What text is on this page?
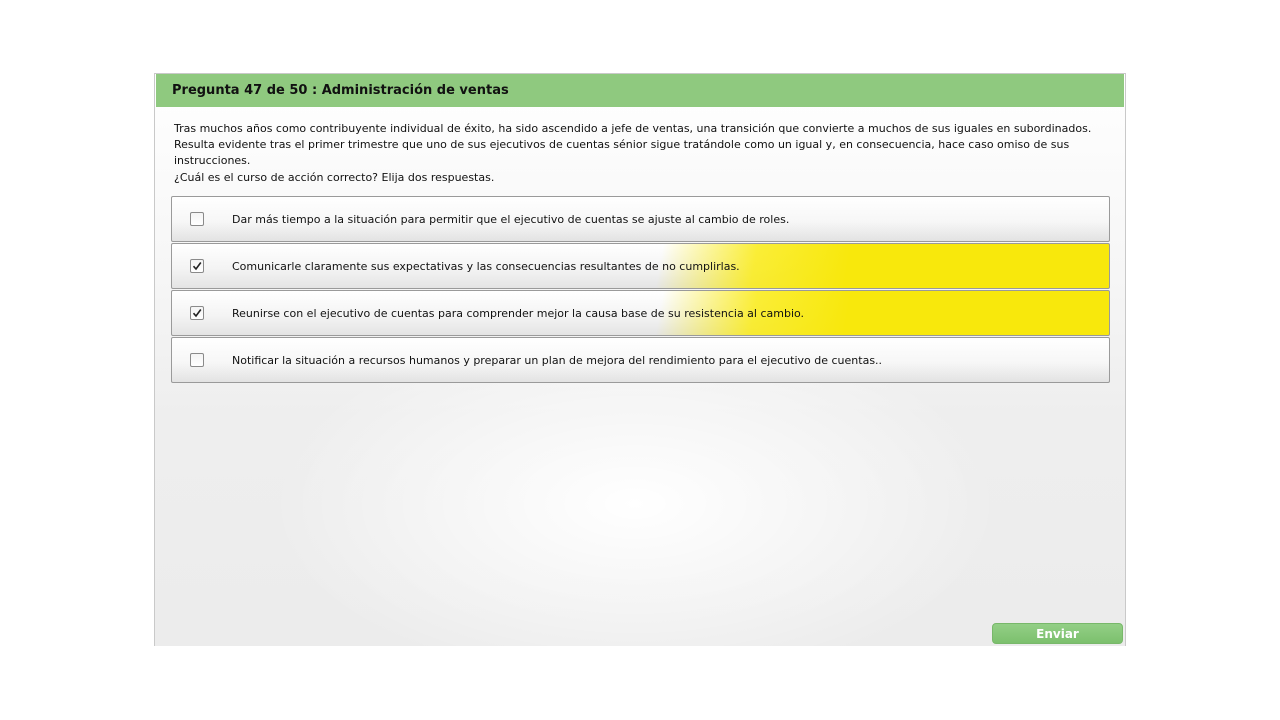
Pregunta 47 de 50 : Administración de ventas
Tras muchos años como contribuyente individual de éxito, ha sido ascendido a jefe de ventas, una transición que convierte a muchos de sus iguales en subordinados. Resulta evidente tras el primer trimestre que uno de sus ejecutivos de cuentas sénior sigue tratándole como un igual y, en consecuencia, hace caso omiso de sus instrucciones.
¿Cuál es el curso de acción correcto? Elija dos respuestas.
Dar más tiempo a la situación para permitir que el ejecutivo de cuentas se ajuste al cambio de roles.
Comunicarle claramente sus expectativas y las consecuencias resultantes de no cumplirlas.
Reunirse con el ejecutivo de cuentas para comprender mejor la causa base de su resistencia al cambio.
Notificar la situación a recursos humanos y preparar un plan de mejora del rendimiento para el ejecutivo de cuentas..
Enviar
